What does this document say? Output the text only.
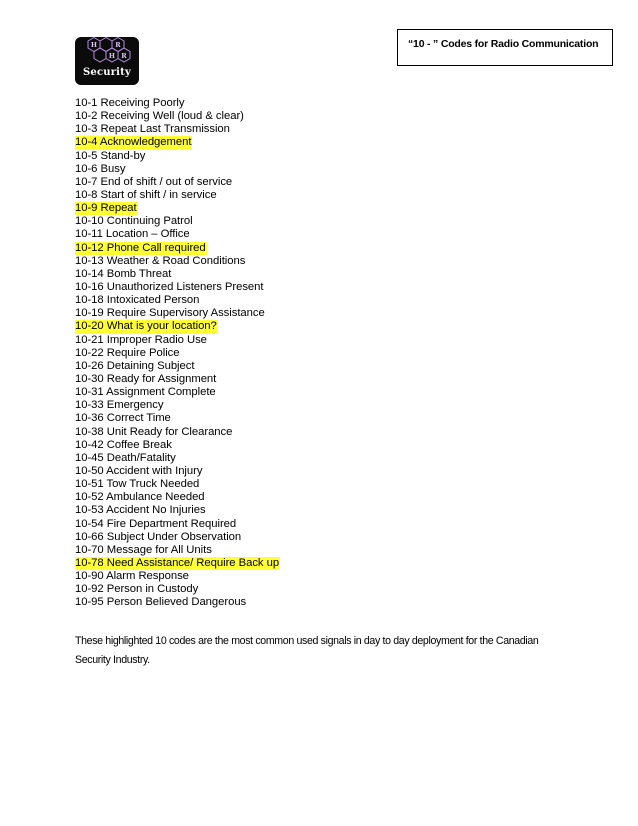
“10 - ” Codes for Radio Communication
H	R
H R
Security
10-1 Receiving Poorly
10-2 Receiving Well (loud & clear)
10-3 Repeat Last Transmission
10-4 Acknowledgement
10-5 Stand-by
10-6 Busy
10-7 End of shift / out of service
10-8 Start of shift / in service
10-9 Repeat
10-10 Continuing Patrol
10-11 Location – Office
10-12 Phone Call required
10-13 Weather & Road Conditions
10-14 Bomb Threat
10-16 Unauthorized Listeners Present
10-18 Intoxicated Person
10-19 Require Supervisory Assistance
10-20 What is your location?
10-21 Improper Radio Use
10-22 Require Police
10-26 Detaining Subject
10-30 Ready for Assignment
10-31 Assignment Complete
10-33 Emergency
10-36 Correct Time
10-38 Unit Ready for Clearance
10-42 Coffee Break
10-45 Death/Fatality
10-50 Accident with Injury
10-51 Tow Truck Needed
10-52 Ambulance Needed
10-53 Accident No Injuries
10-54 Fire Department Required
10-66 Subject Under Observation
10-70 Message for All Units
10-78 Need Assistance/ Require Back up
10-90 Alarm Response
10-92 Person in Custody
10-95 Person Believed Dangerous
These highlighted 10 codes are the most common used signals in day to day deployment for the Canadian Security Industry.
